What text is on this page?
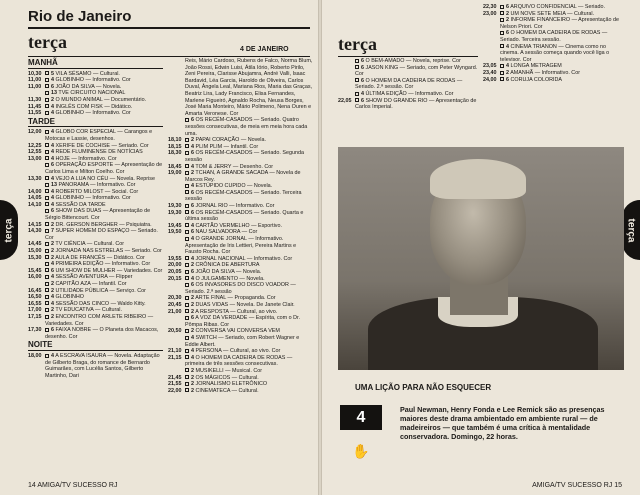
Rio de Janeiro
terça	4 DE JANEIRO
MANHÃ
10,30	5 VILA SÉSAMO — Cultural.
11,00	4 GLOBINHO — Informativo. Cor
11,00	6 JOÃO DA SILVA — Novela.
13 TVE CIRCUITO NACIONAL
11,30	2 O MUNDO ANIMAL — Documentário.
11,45	4 INGLÊS COM FISK — Didático.
11,55	4 GLOBINHO — Informativo. Cor
TARDE
12,00	4 GLOBO COR ESPECIAL — Carangos e Motocas e Lassie, desenhos.
12,25	4 XERIFE DE COCHISE — Seriado. Cor
12,55	4 REDE FLUMINENSE DE NOTÍCIAS
13,00	4 HOJE — Informativo. Cor
6 OPERAÇÃO ESPORTE — Apresentação de Carlos Lima e Milton Coelho. Cor
13,30	4 VEJO A LUA NO CÉU — Novela. Reprise
13 PANORAMA — Informativo. Cor
14,00	4 ROBERTO MILOST — Social. Cor
14,05	4 GLOBINHO — Informativo. Cor
14,10	4 SESSÃO DA TARDE
6 SHOW DAS DUAS — Apresentação de Sérgio Bittencourt. Cor
14,15	2 DR. GERSON BERGHER — Psiquiatra.
14,30	7 SUPER HOMEM DO ESPAÇO — Seriado. Cor
14,45	2 TV CIÊNCIA — Cultural. Cor
15,00	2 JORNADA NAS ESTRELAS — Seriado. Cor
15,30	2 AULA DE FRANCÊS — Didático. Cor
4 PRIMEIRA EDIÇÃO — Informativo. Cor
15,45	6 UM SHOW DE MULHER — Variedades. Cor
16,00	4 SESSÃO AVENTURA — Flipper
2 CAPITÃO AZA — Infantil. Cor
16,45	2 UTILIDADE PÚBLICA — Serviço. Cor
16,50	4 GLOBINHO
16,55	4 SESSÃO DAS CINCO — Waldo Kitty.
17,00	2 TV EDUCATIVA — Cultural.
17,15	2 ENCONTRO COM ARLETE RIBEIRO — Variedades. Cor
17,30	6 FAIXA NOBRE — O Planeta dos Macacos, desenho. Cor
NOITE
18,00	4 A ESCRAVA ISAURA — Novela. Adaptação de Gilberto Braga, do romance de Bernardo Guimarães, com Lucélia Santos, Gilberto Martinho, Dari
Reis, Mário Cardoso, Rubens de Falco, Norma Blum, João Rossi, Edwin Luisi, Átila Iório, Roberto Pirilo, Zeni Pereira, Clarisse Abujamra, André Valli, Isaac Bardavid, Léa Garcia, Haroldo de Oliveira, Carlos Duval, Ângela Leal, Mariana Rios, Maria das Graças, Beatriz Lira, Lady Francisco, Elisa Fernandes, Marlene Figueiró, Agnaldo Rocha, Neusa Borges, José Maria Monteiro, Mário Polimeno, Nena Ouren e Amarta Veronese. Cor
6 OS RECÉM-CASADOS — Seriado. Quatro sessões consecutivas, de meia em meia hora cada uma.
18,10	2 PAPAI CORAÇÃO — Novela.
18,15	4 PLIM PLIM — Infantil. Cor
18,30	6 OS RECÉM-CASADOS — Seriado. Segunda sessão
18,45	4 TOM & JERRY — Desenho. Cor
19,00	2 TCHAN, A GRANDE SACADA — Novela de Marcos Rey.
4 ESTÚPIDO CUPIDO — Novela.
6 OS RECÉM-CASADOS — Seriado. Terceira sessão
19,30	6 JORNAL RIO — Informativo. Cor
19,30	6 OS RECÉM-CASADOS — Seriado. Quarta e última sessão
19,45	4 CARTÃO VERMELHO — Esportivo.
19,50	6 NAU SALVADORA — Cor
4 O GRANDE JORNAL — Informativo. Apresentação de Iris Lettieri, Pereira Martins e Fausto Rocha. Cor
19,55	4 JORNAL NACIONAL — Informativo. Cor
20,00	2 CRÔNICA DE ABERTURA
20,05	6 JOÃO DA SILVA — Novela.
20,15	4 O JULGAMENTO — Novela.
6 OS INVASORES DO DISCO VOADOR — Seriado. 2.ª sessão
20,30	2 ARTE FINAL — Propaganda. Cor
20,45	2 DUAS VIDAS — Novela. De Janete Clair.
21,00	2 A RESPOSTA — Cultural, ao vivo.
6 A VOZ DA VERDADE — Espírita, com o Dr. Pômpa Ribas. Cor
20,50	2 CONVERSA VAI CONVERSA VEM
4 SWITCH — Seriado, com Robert Wagner e Eddie Albert.
21,10	4 PERSONA — Cultural, ao vivo. Cor
21,15	4 O HOMEM DA CADEIRA DE RODAS — primeira de três sessões consecutivas.
2 MUSIKELLI — Musical. Cor
21,45	2 OS MÁGICOS — Cultural.
21,55	2 JORNALISMO ELETRÔNICO
22,00	2 CINEMATECA — Cultural.
terça
14 AMIGA/TV SUCESSO RJ
terça
6 O BEM-AMADO — Novela, reprise. Cor
6 JASON KING — Seriado, com Peter Wyngard. Cor
6 O HOMEM DA CADEIRA DE RODAS — Seriado. 2.ª sessão. Cor
4 ÚLTIMA EDIÇÃO — Informativo. Cor
22,05	6 SHOW DO GRANDE RIO — Apresentação de Carlos Imperial.
22,30	6 ARQUIVO CONFIDENCIAL — Seriado.
23,00	2 UM NOVE SETE MEIA — Cultural.
2 INFORME FINANCEIRO — Apresentação de Nelson Priori. Cor
6 O HOMEM DA CADEIRA DE RODAS — Seriado. Terceira sessão.
4 CINEMA TRIANON — Cinema como no cinema. A sessão começa quando você liga o televisor. Cor
23,05	4 LONGA METRAGEM
23,40	2 AMANHÃ — Informativo. Cor
24,00	6 CORUJA COLORIDA
terça
AMIGA/TV SUCESSO RJ 15
UMA LIÇÃO PARA NÃO ESQUECER
4
✋
Paul Newman, Henry Fonda e Lee Remick são as presenças maiores deste drama ambientado em ambiente rural — de madeireiros — que também é uma crítica à mentalidade conservadora. Domingo, 22 horas.
